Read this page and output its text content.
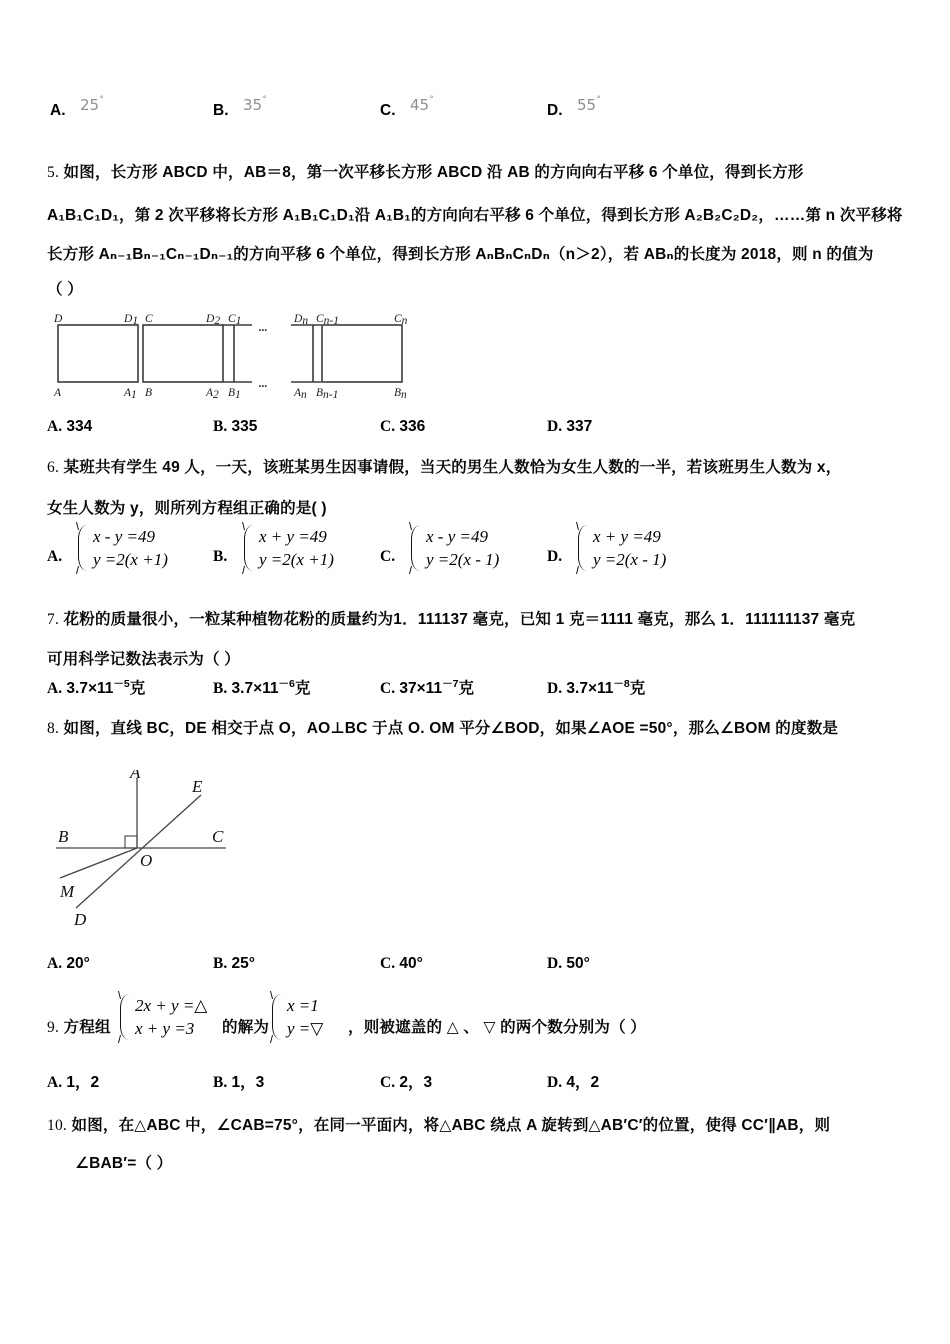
A. 25˚
B. 35˚
C. 45˚
D. 55˚
5. 如图，长方形 ABCD 中，AB＝8，第一次平移长方形 ABCD 沿 AB 的方向向右平移 6 个单位，得到长方形
A₁B₁C₁D₁，第 2 次平移将长方形 A₁B₁C₁D₁沿 A₁B₁的方向向右平移 6 个单位，得到长方形 A₂B₂C₂D₂，……第 n 次平移将
长方形 Aₙ₋₁Bₙ₋₁Cₙ₋₁Dₙ₋₁的方向平移 6 个单位，得到长方形 AₙBₙCₙDₙ（n＞2），若 ABₙ的长度为 2018，则 n 的值为
（ ）
...
...
D	D1 C	D2 C1	Dn Cn-1	Cn
A	A1 B	A2 B1	An Bn-1	Bn
A. 334	B. 335	C. 336	D. 337
6. 某班共有学生 49 人，一天，该班某男生因事请假，当天的男生人数恰为女生人数的一半，若该班男生人数为 x，
女生人数为 y，则所列方程组正确的是( )
A.
x - y =49
y =2(x +1)	B.
x + y =49
y =2(x +1)	C.
x - y =49
y =2(x - 1)	D.
x + y =49
y =2(x - 1)
7. 花粉的质量很小，一粒某种植物花粉的质量约为1．111137 毫克，已知 1 克＝1111 毫克，那么 1．111111137 毫克
可用科学记数法表示为（ ）
A. $3.7\times 11^{-5}$克	B. $3.7\times 11^{-6}$克	C. $37\times 11^{-7}$克	D. $3.7\times 11^{-8}$克
8. 如图，直线 BC，DE 相交于点 O，AO⊥BC 于点 O. OM 平分∠BOD，如果∠AOE =50°，那么∠BOM 的度数是
A
E
B	C
O
M
D
A. 20°	B. 25°	C. 40°	D. 50°
9. 方程组
2x + y =△
x + y =3	的解为
x =1
y =▽ ，则被遮盖的 △ 、 ▽ 的两个数分别为（ ）
A. 1，2	B. 1，3	C. 2，3	D. 4，2
10. 如图，在△ABC 中，∠CAB=75°，在同一平面内，将△ABC 绕点 A 旋转到△AB′C′的位置，使得 CC′∥AB，则
∠BAB′=（ ）
